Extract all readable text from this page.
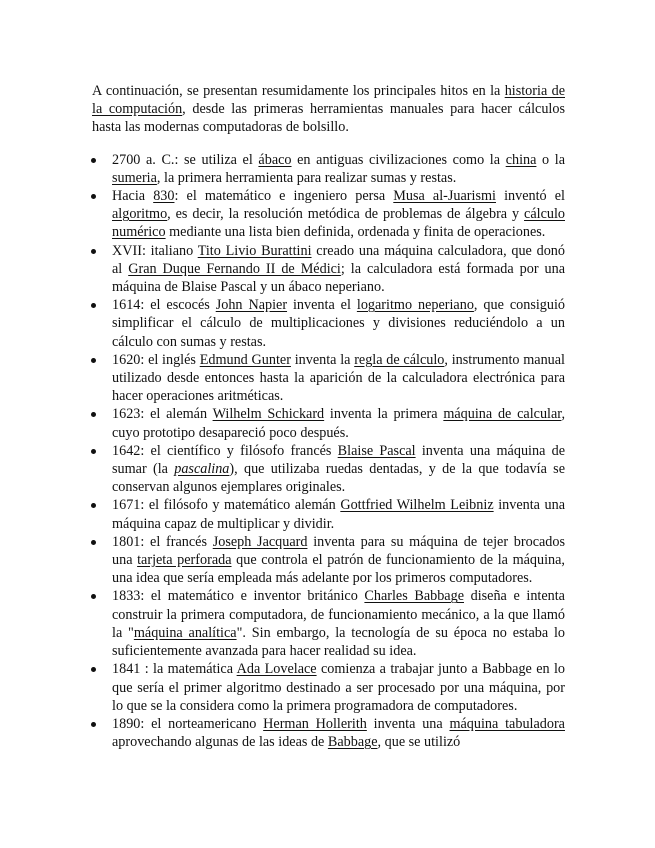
A continuación, se presentan resumidamente los principales hitos en la historia de la computación, desde las primeras herramientas manuales para hacer cálculos hasta las modernas computadoras de bolsillo.

2700 a. C.: se utiliza el ábaco en antiguas civilizaciones como la china o la sumeria, la primera herramienta para realizar sumas y restas.
Hacia 830: el matemático e ingeniero persa Musa al-Juarismi inventó el algoritmo, es decir, la resolución metódica de problemas de álgebra y cálculo numérico mediante una lista bien definida, ordenada y finita de operaciones.
XVII: italiano Tito Livio Burattini creado una máquina calculadora, que donó al Gran Duque Fernando II de Médici; la calculadora está formada por una máquina de Blaise Pascal y un ábaco neperiano.
1614: el escocés John Napier inventa el logaritmo neperiano, que consiguió simplificar el cálculo de multiplicaciones y divisiones reduciéndolo a un cálculo con sumas y restas.
1620: el inglés Edmund Gunter inventa la regla de cálculo, instrumento manual utilizado desde entonces hasta la aparición de la calculadora electrónica para hacer operaciones aritméticas.
1623: el alemán Wilhelm Schickard inventa la primera máquina de calcular, cuyo prototipo desapareció poco después.
1642: el científico y filósofo francés Blaise Pascal inventa una máquina de sumar (la pascalina), que utilizaba ruedas dentadas, y de la que todavía se conservan algunos ejemplares originales.
1671: el filósofo y matemático alemán Gottfried Wilhelm Leibniz inventa una máquina capaz de multiplicar y dividir.
1801: el francés Joseph Jacquard inventa para su máquina de tejer brocados una tarjeta perforada que controla el patrón de funcionamiento de la máquina, una idea que sería empleada más adelante por los primeros computadores.
1833: el matemático e inventor británico Charles Babbage diseña e intenta construir la primera computadora, de funcionamiento mecánico, a la que llamó la "máquina analítica". Sin embargo, la tecnología de su época no estaba lo suficientemente avanzada para hacer realidad su idea.
1841 : la matemática Ada Lovelace comienza a trabajar junto a Babbage en lo que sería el primer algoritmo destinado a ser procesado por una máquina, por lo que se la considera como la primera programadora de computadores.
1890: el norteamericano Herman Hollerith inventa una máquina tabuladora aprovechando algunas de las ideas de Babbage, que se utilizó
